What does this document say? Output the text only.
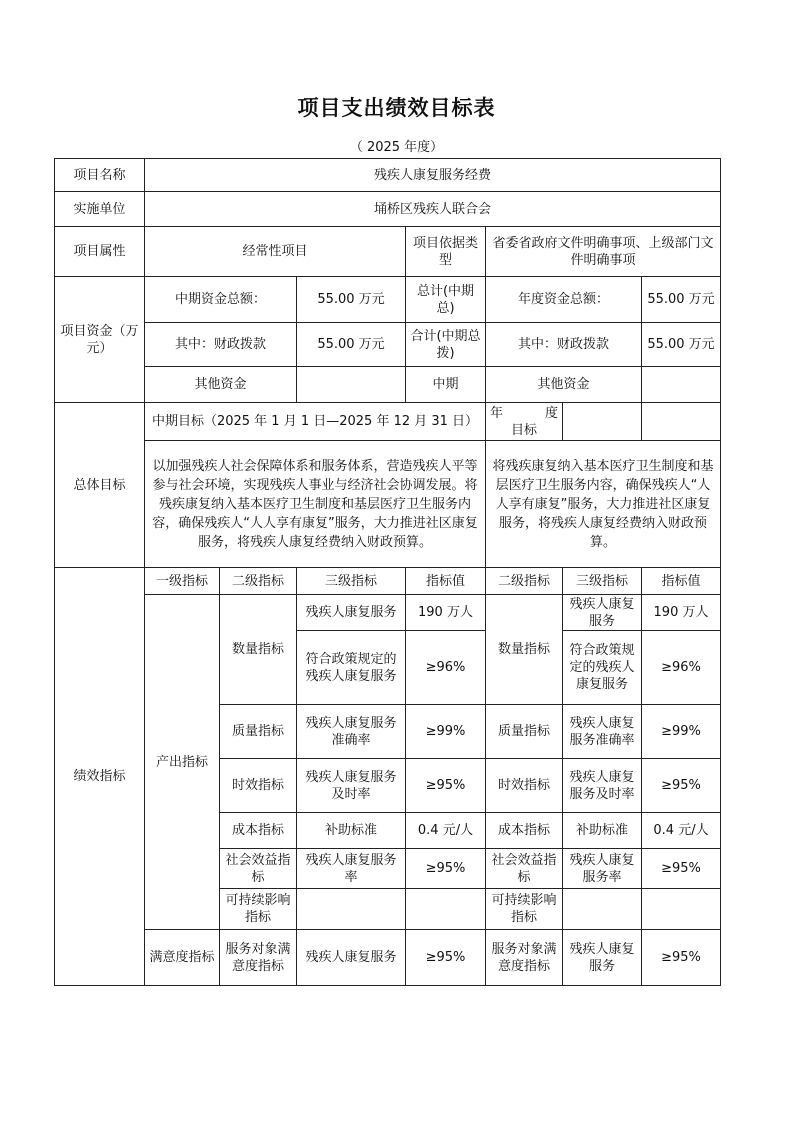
项目支出绩效目标表
（ 2025 年度）
项目名称	残疾人康复服务经费						
实施单位	埇桥区残疾人联合会						
项目属性	经常性项目			项目依据类型	省委省政府文件明确事项、上级部门文件明确事项		
项目资金（万元）	中期资金总额：		55.00 万元	总计(中期总)	年度资金总额：		55.00 万元
	其中：财政拨款		55.00 万元	合计(中期总拨)	其中：财政拨款		55.00 万元
	其他资金			中期	其他资金		
总体目标	中期目标（2025 年 1 月 1 日—2025 年 12 月 31 日）				年 度
目标		

	以加强残疾人社会保障体系和服务体系，营造残疾人平等参与社会环境，实现残疾人事业与经济社会协调发展。将残疾康复纳入基本医疗卫生制度和基层医疗卫生服务内容，确保残疾人“人人享有康复”服务，大力推进社区康复服务，将残疾人康复经费纳入财政预算。				将残疾康复纳入基本医疗卫生制度和基层医疗卫生服务内容，确保残疾人“人人享有康复”服务，大力推进社区康复服务，将残疾人康复经费纳入财政预算。		
绩效指标	一级指标	二级指标	三级指标	指标值	二级指标	三级指标	指标值
	产出指标	数量指标	残疾人康复服务	190 万人	数量指标	残疾人康复服务	190 万人
			符合政策规定的残疾人康复服务	≥96%		符合政策规定的残疾人康复服务	≥96%
		质量指标	残疾人康复服务准确率	≥99%	质量指标	残疾人康复服务准确率	≥99%
		时效指标	残疾人康复服务及时率	≥95%	时效指标	残疾人康复服务及时率	≥95%
		成本指标	补助标准	0.4 元/人	成本指标	补助标准	0.4 元/人
		社会效益指标	残疾人康复服务率	≥95%	社会效益指标	残疾人康复服务率	≥95%
		可持续影响指标			可持续影响指标		
	满意度指标	服务对象满意度指标	残疾人康复服务	≥95%	服务对象满意度指标	残疾人康复服务	≥95%
